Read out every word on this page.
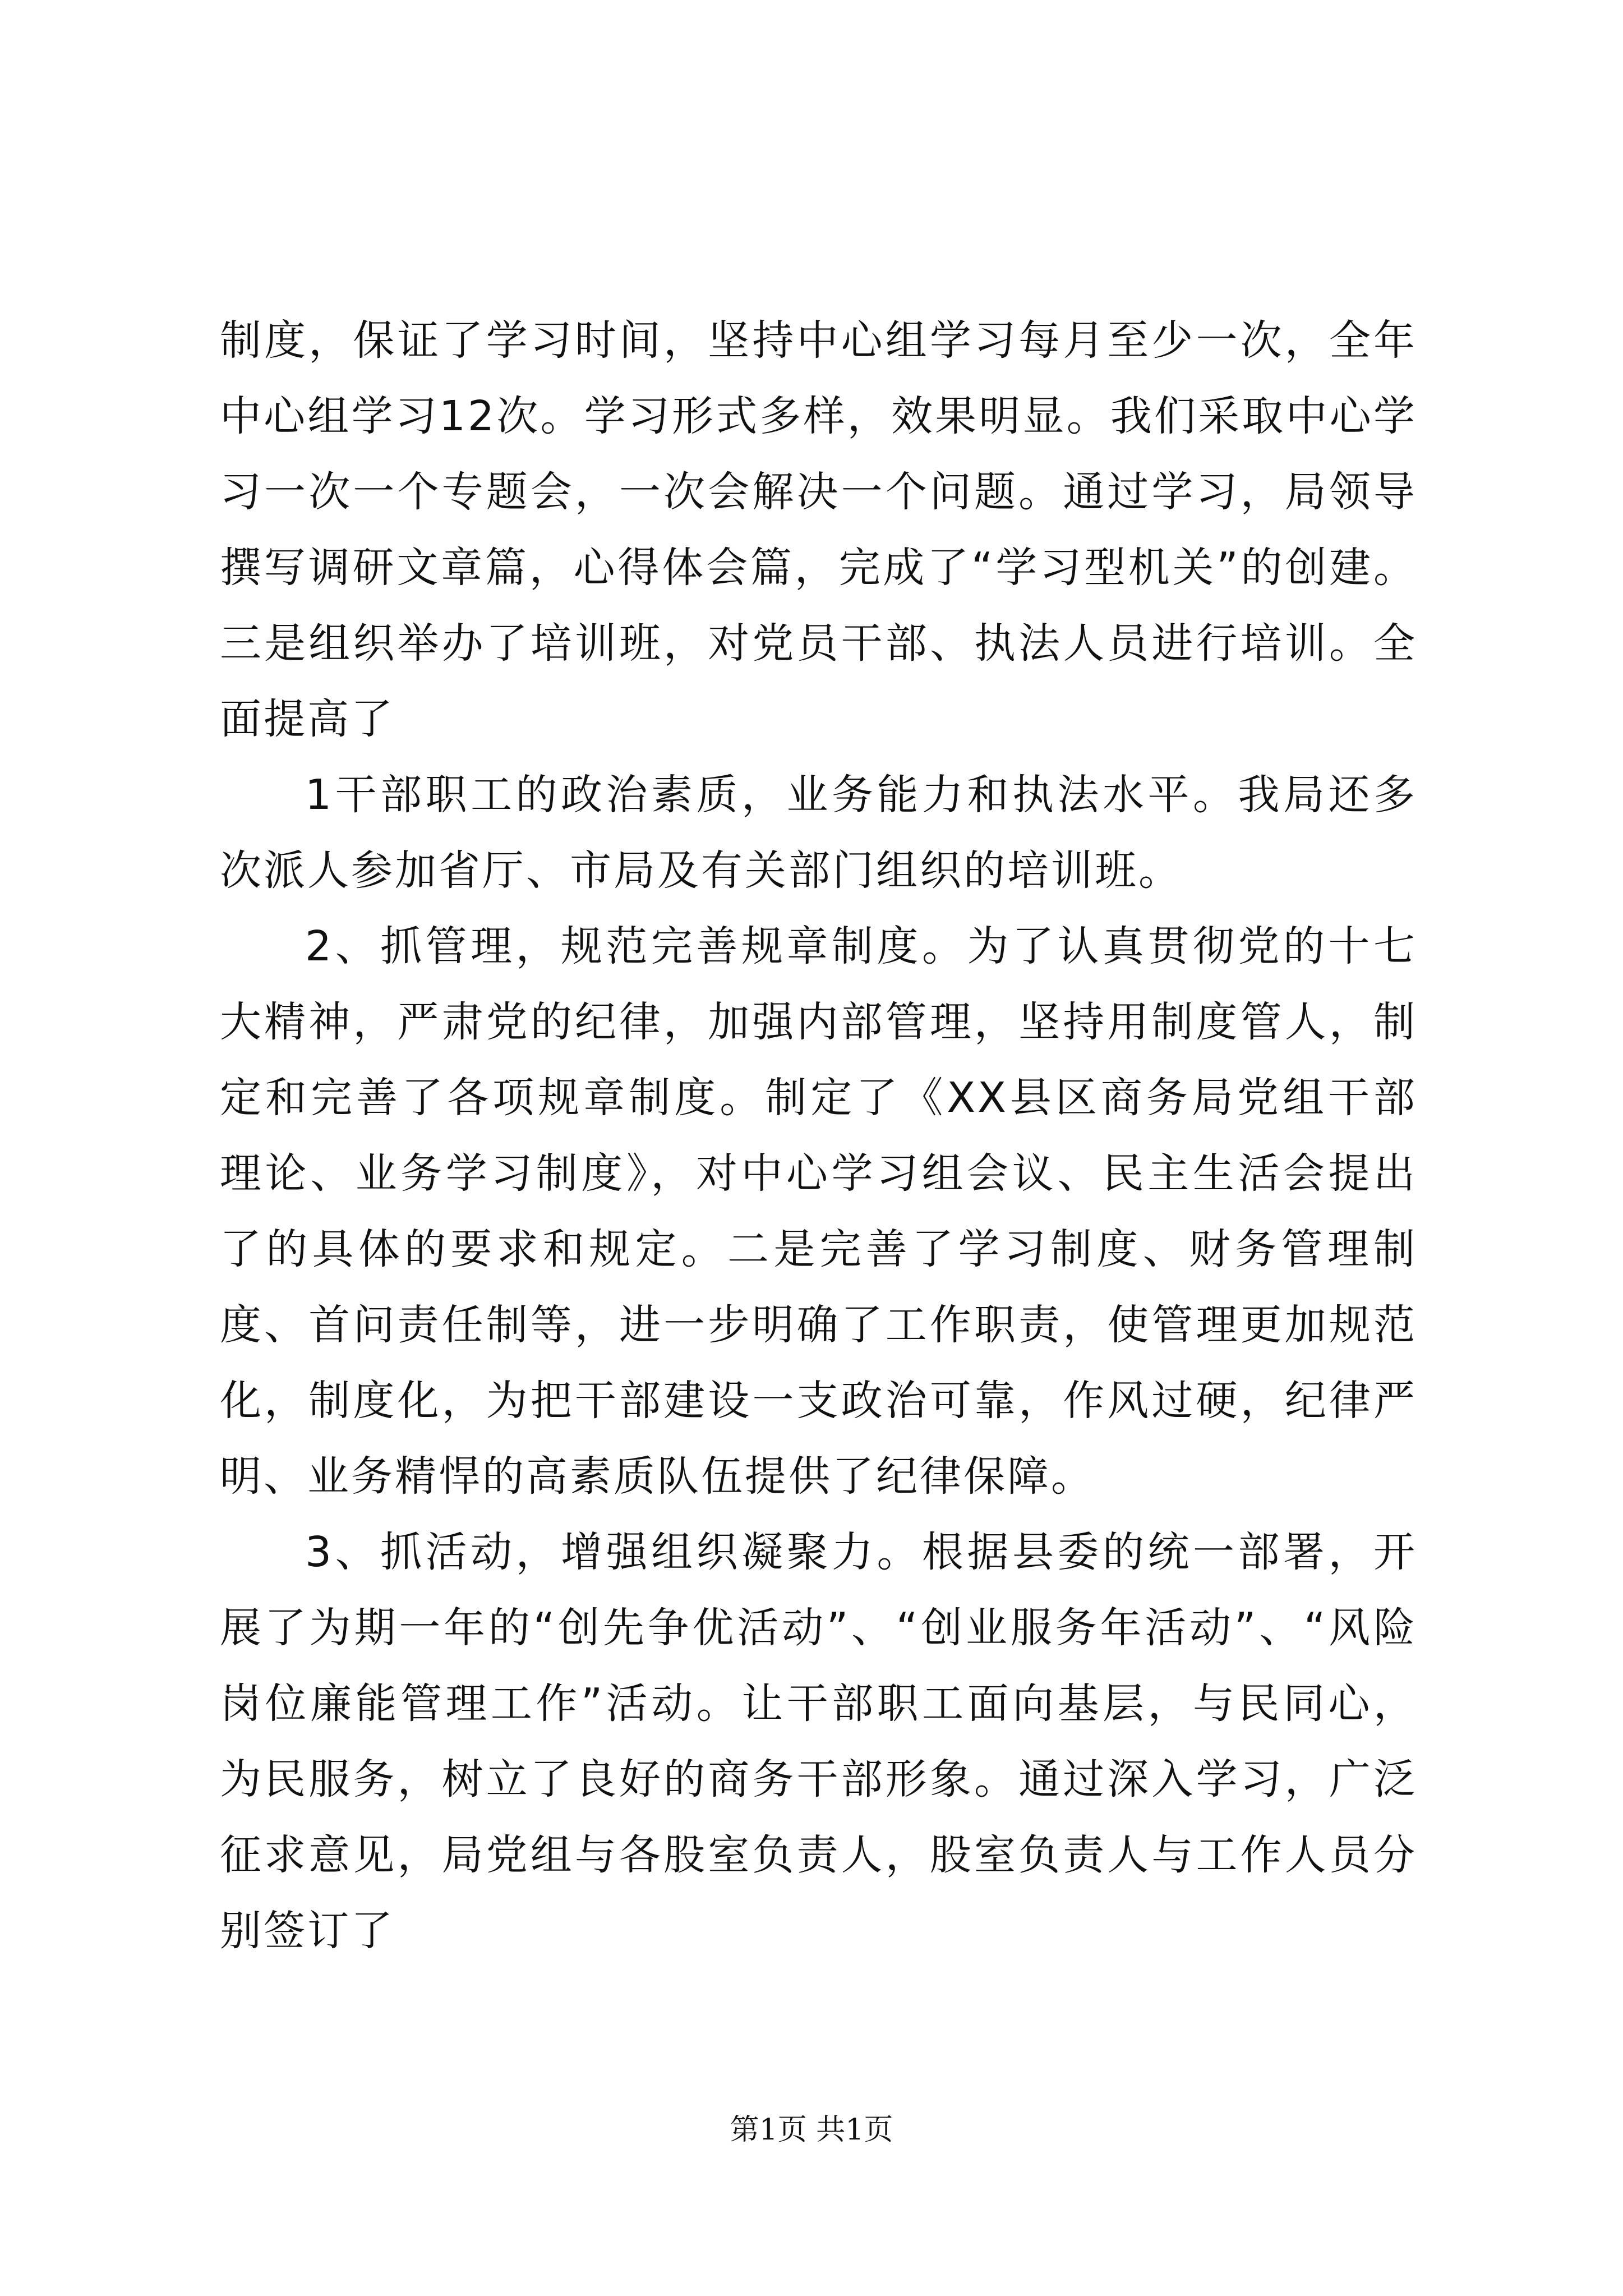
制度，保证了学习时间，坚持中心组学习每月至少一次，全年中心组学习12次。学习形式多样，效果明显。我们采取中心学习一次一个专题会，一次会解决一个问题。通过学习，局领导撰写调研文章篇，心得体会篇，完成了“学习型机关”的创建。三是组织举办了培训班，对党员干部、执法人员进行培训。全面提高了

1干部职工的政治素质，业务能力和执法水平。我局还多次派人参加省厅、市局及有关部门组织的培训班。

2、抓管理，规范完善规章制度。为了认真贯彻党的十七大精神，严肃党的纪律，加强内部管理，坚持用制度管人，制定和完善了各项规章制度。制定了《XX县区商务局党组干部理论、业务学习制度》，对中心学习组会议、民主生活会提出了的具体的要求和规定。二是完善了学习制度、财务管理制度、首问责任制等，进一步明确了工作职责，使管理更加规范化，制度化，为把干部建设一支政治可靠，作风过硬，纪律严明、业务精悍的高素质队伍提供了纪律保障。

3、抓活动，增强组织凝聚力。根据县委的统一部署，开展了为期一年的“创先争优活动”、“创业服务年活动”、“风险岗位廉能管理工作”活动。让干部职工面向基层，与民同心，为民服务，树立了良好的商务干部形象。通过深入学习，广泛征求意见，局党组与各股室负责人，股室负责人与工作人员分别签订了

第1页 共1页
